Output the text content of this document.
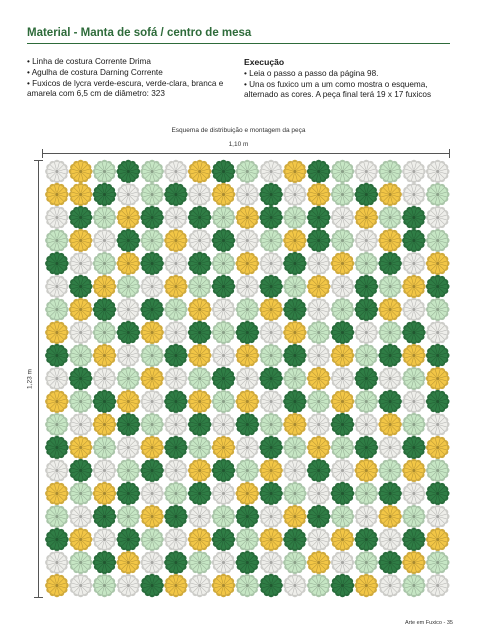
Material - Manta de sofá / centro de mesa
• Linha de costura Corrente Drima
• Agulha de costura Darning Corrente
• Fuxicos de lycra verde-escura, verde-clara, branca e amarela com 6,5 cm de diâmetro: 323
Execução
• Leia o passo a passo da página 98.
• Una os fuxico um a um como mostra o esquema, alternado as cores. A peça final terá 19 x 17 fuxicos
Esquema de distribuição e montagem da peça
1,10 m
1,23 m
Arte em Fuxico - 35
